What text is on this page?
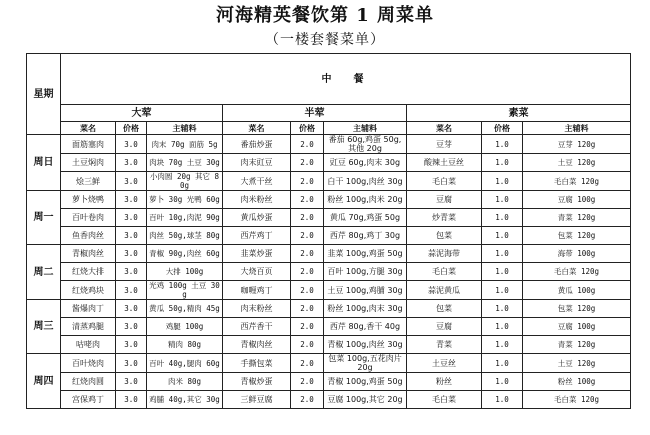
河海精英餐饮第 1 周菜单
（一楼套餐菜单）
星期	中　餐								
	大荤			半荤			素菜		
	菜名	价格	主辅料	菜名	价格	主辅料	菜名	价格	主辅料
周日	面筋塞肉	3.0	肉末 70g 面筋 5g	番茄炒蛋	2.0	番茄 60g,鸡蛋 50g,其他 20g	豆芽	1.0	豆芽 120g
	土豆焖肉	3.0	肉块 70g 土豆 30g	肉末豇豆	2.0	豇豆 60g,肉末 30g	酸辣土豆丝	1.0	土豆 120g
	烩三鲜	3.0	小肉圆 20g 其它 80g	大煮干丝	2.0	白干 100g,肉丝 30g	毛白菜	1.0	毛白菜 120g
周一	萝卜烧鸭	3.0	萝卜 30g 光鸭 60g	肉米粉丝	2.0	粉丝 100g,肉米 20g	豆腐	1.0	豆腐 100g
	百叶卷肉	3.0	百叶 10g,肉泥 90g	黄瓜炒蛋	2.0	黄瓜 70g,鸡蛋 50g	炒青菜	1.0	青菜 120g
	鱼香肉丝	3.0	肉丝 50g,球茎 80g	西芹鸡丁	2.0	西芹 80g,鸡丁 30g	包菜	1.0	包菜 120g
周二	青椒肉丝	3.0	青椒 90g,肉丝 60g	韭菜炒蛋	2.0	韭菜 100g,鸡蛋 50g	蒜泥海带	1.0	海带 100g
	红烧大排	3.0	大排 100g	大烧百页	2.0	百叶 100g,方腿 30g	毛白菜	1.0	毛白菜 120g
	红烧鸡块	3.0	光鸡 100g 土豆 30g	咖喱鸡丁	2.0	土豆 100g,鸡脯 30g	蒜泥黄瓜	1.0	黄瓜 100g
周三	酱爆肉丁	3.0	黄瓜 50g,精肉 45g	肉末粉丝	2.0	粉丝 100g,肉末 30g	包菜	1.0	包菜 120g
	清蒸鸡腿	3.0	鸡腿 100g	西芹香干	2.0	西芹 80g,香干 40g	豆腐	1.0	豆腐 100g
	咕咾肉	3.0	精肉 80g	青椒肉丝	2.0	青椒 100g,肉丝 30g	青菜	1.0	青菜 120g
周四	百叶烧肉	3.0	百叶 40g,腿肉 60g	手撕包菜	2.0	包菜 100g,五花肉片 20g	土豆丝	1.0	土豆 120g
	红烧肉圆	3.0	肉米 80g	青椒炒蛋	2.0	青椒 100g,鸡蛋 50g	粉丝	1.0	粉丝 100g
	宫保鸡丁	3.0	鸡脯 40g,其它 30g	三鲜豆腐	2.0	豆腐 100g,其它 20g	毛白菜	1.0	毛白菜 120g
